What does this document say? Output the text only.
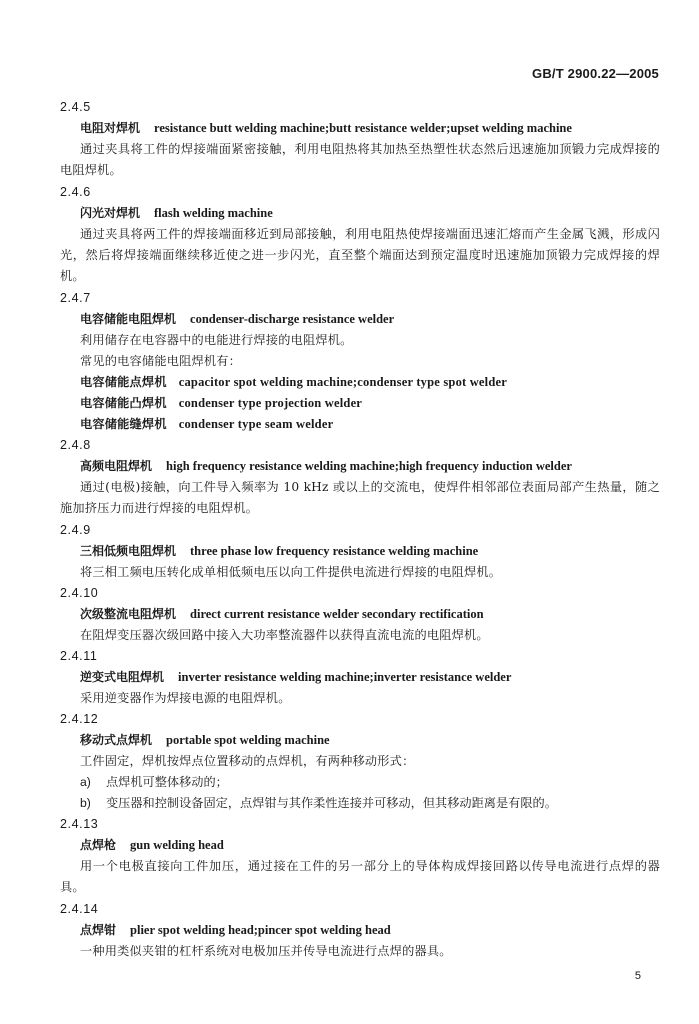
GB/T 2900.22—2005
2.4.5
电阻对焊机 resistance butt welding machine;butt resistance welder;upset welding machine
通过夹具将工件的焊接端面紧密接触，利用电阻热将其加热至热塑性状态然后迅速施加顶锻力完成焊接的电阻焊机。
2.4.6
闪光对焊机 flash welding machine
通过夹具将两工件的焊接端面移近到局部接触，利用电阻热使焊接端面迅速汇熔而产生金属飞溅，形成闪光，然后将焊接端面继续移近使之进一步闪光，直至整个端面达到预定温度时迅速施加顶锻力完成焊接的焊机。
2.4.7
电容储能电阻焊机 condenser-discharge resistance welder
利用储存在电容器中的电能进行焊接的电阻焊机。
常见的电容储能电阻焊机有：
电容储能点焊机 capacitor spot welding machine;condenser type spot welder
电容储能凸焊机 condenser type projection welder
电容储能缝焊机 condenser type seam welder
2.4.8
高频电阻焊机 high frequency resistance welding machine;high frequency induction welder
通过(电极)接触，向工件导入频率为 10 kHz 或以上的交流电，使焊件相邻部位表面局部产生热量，随之施加挤压力而进行焊接的电阻焊机。
2.4.9
三相低频电阻焊机 three phase low frequency resistance welding machine
将三相工频电压转化成单相低频电压以向工件提供电流进行焊接的电阻焊机。
2.4.10
次级整流电阻焊机 direct current resistance welder secondary rectification
在阻焊变压器次级回路中接入大功率整流器件以获得直流电流的电阻焊机。
2.4.11
逆变式电阻焊机 inverter resistance welding machine;inverter resistance welder
采用逆变器作为焊接电源的电阻焊机。
2.4.12
移动式点焊机 portable spot welding machine
工件固定，焊机按焊点位置移动的点焊机，有两种移动形式：
a) 点焊机可整体移动的；
b) 变压器和控制设备固定，点焊钳与其作柔性连接并可移动，但其移动距离是有限的。
2.4.13
点焊枪 gun welding head
用一个电极直接向工件加压，通过接在工件的另一部分上的导体构成焊接回路以传导电流进行点焊的器具。
2.4.14
点焊钳 plier spot welding head;pincer spot welding head
一种用类似夹钳的杠杆系统对电极加压并传导电流进行点焊的器具。
5
